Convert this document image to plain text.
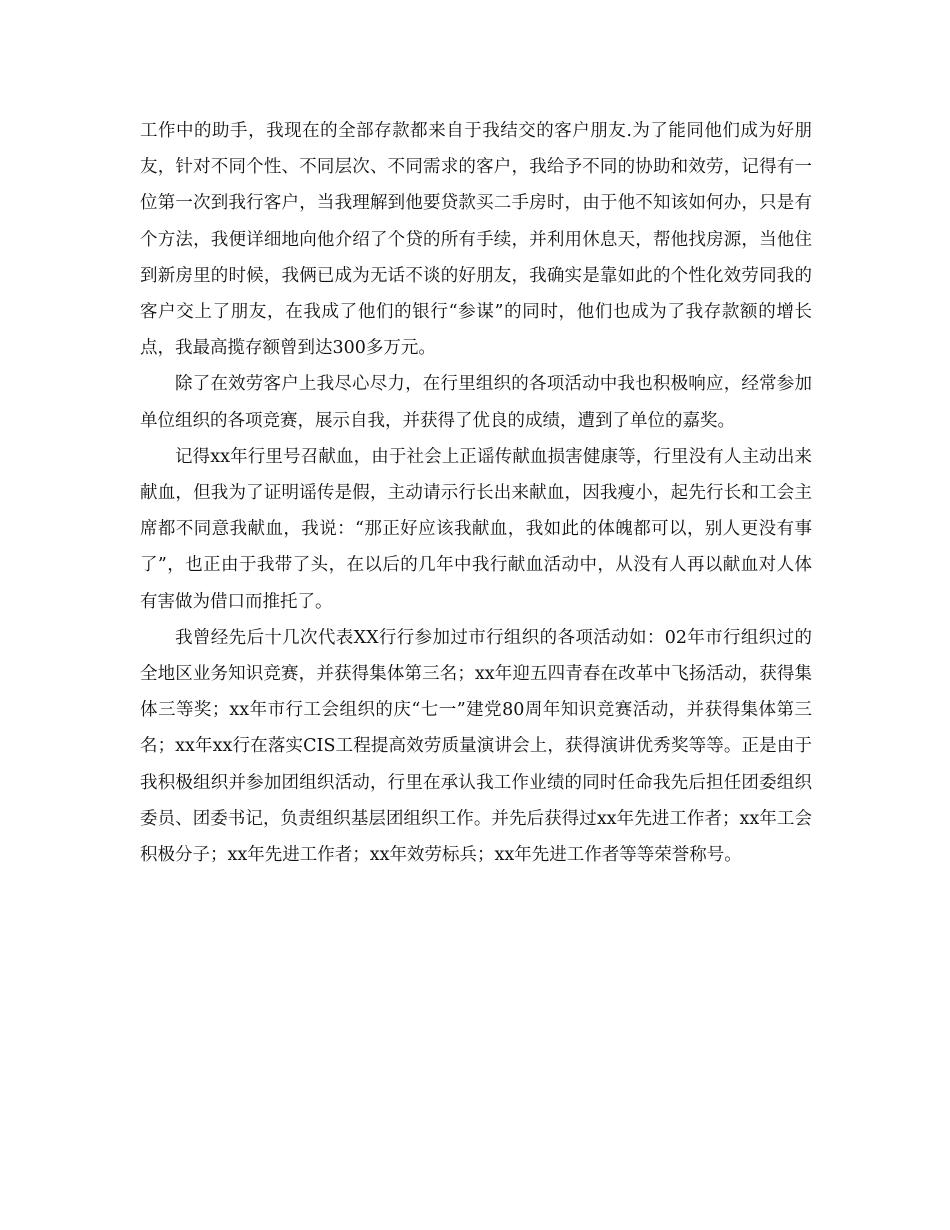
工作中的助手，我现在的全部存款都来自于我结交的客户朋友.为了能同他们成为好朋友，针对不同个性、不同层次、不同需求的客户，我给予不同的协助和效劳，记得有一位第一次到我行客户，当我理解到他要贷款买二手房时，由于他不知该如何办，只是有个方法，我便详细地向他介绍了个贷的所有手续，并利用休息天，帮他找房源，当他住到新房里的时候，我俩已成为无话不谈的好朋友，我确实是靠如此的个性化效劳同我的客户交上了朋友，在我成了他们的银行“参谋”的同时，他们也成为了我存款额的增长点，我最高揽存额曾到达300多万元。

除了在效劳客户上我尽心尽力，在行里组织的各项活动中我也积极响应，经常参加单位组织的各项竞赛，展示自我，并获得了优良的成绩，遭到了单位的嘉奖。

记得xx年行里号召献血，由于社会上正谣传献血损害健康等，行里没有人主动出来献血，但我为了证明谣传是假，主动请示行长出来献血，因我瘦小，起先行长和工会主席都不同意我献血，我说：“那正好应该我献血，我如此的体魄都可以，别人更没有事了”，也正由于我带了头，在以后的几年中我行献血活动中，从没有人再以献血对人体有害做为借口而推托了。

我曾经先后十几次代表XX行行参加过市行组织的各项活动如：02年市行组织过的全地区业务知识竞赛，并获得集体第三名；xx年迎五四青春在改革中飞扬活动，获得集体三等奖；xx年市行工会组织的庆“七一”建党80周年知识竞赛活动，并获得集体第三名；xx年xx行在落实CIS工程提高效劳质量演讲会上，获得演讲优秀奖等等。正是由于我积极组织并参加团组织活动，行里在承认我工作业绩的同时任命我先后担任团委组织委员、团委书记，负责组织基层团组织工作。并先后获得过xx年先进工作者；xx年工会积极分子；xx年先进工作者；xx年效劳标兵；xx年先进工作者等等荣誉称号。
